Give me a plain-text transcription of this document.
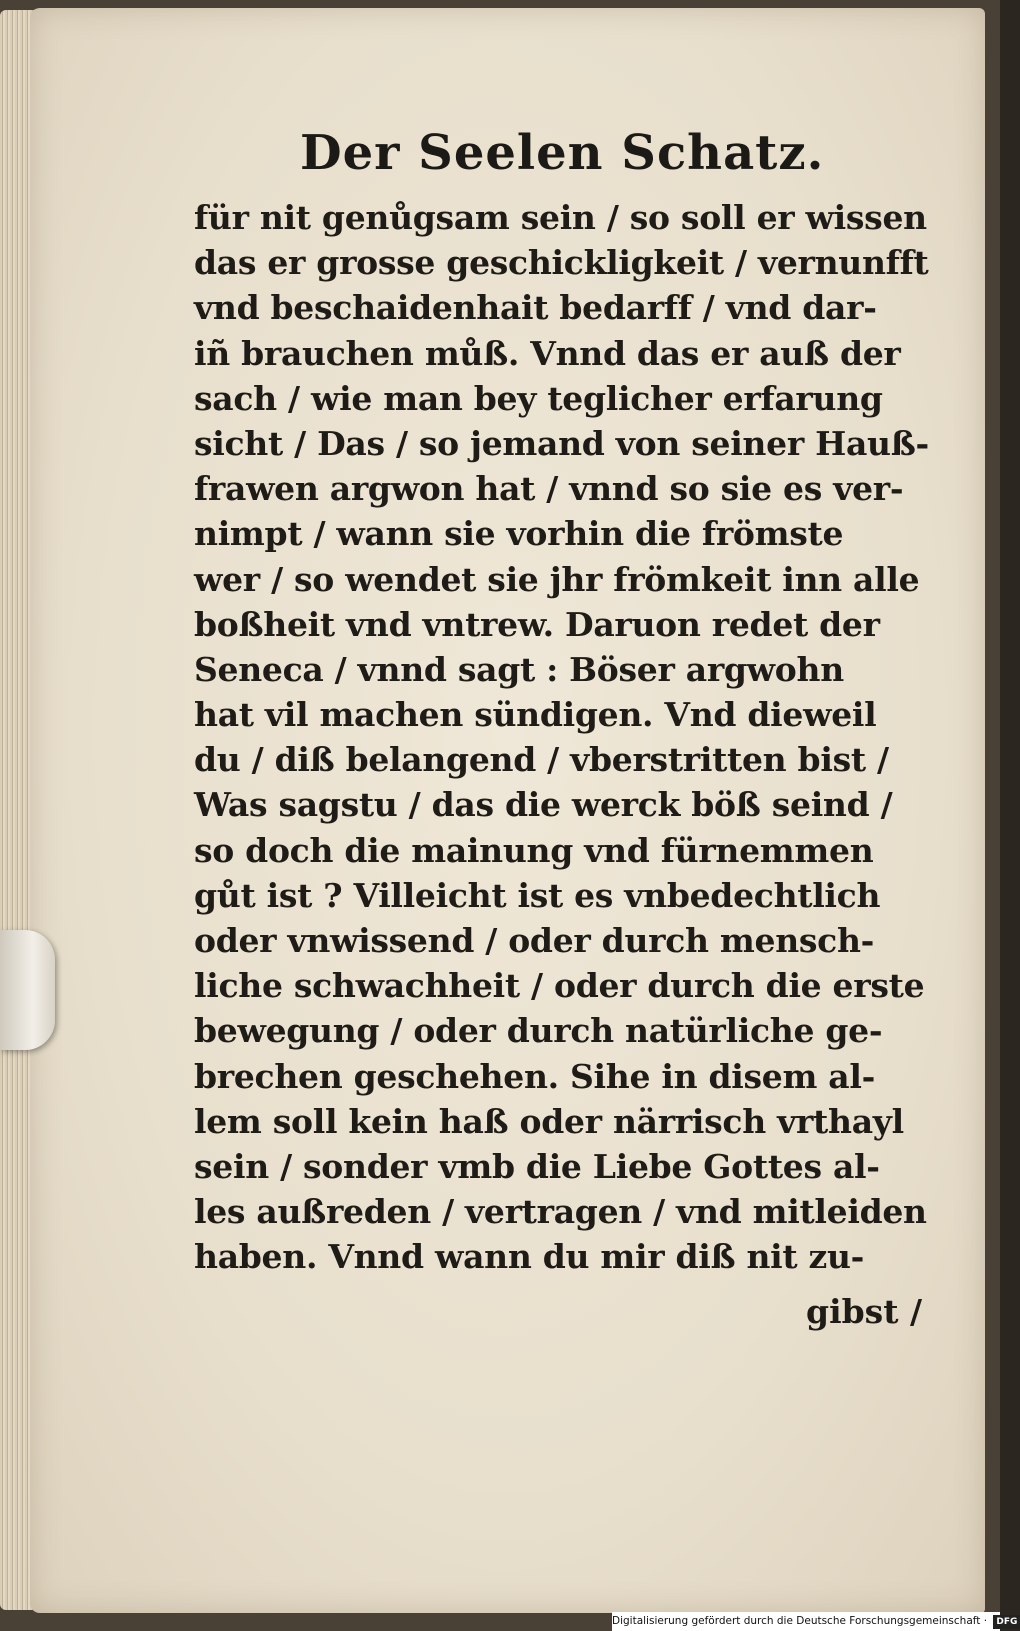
Der Seelen Schatz.
für nit genůgsam sein / so soll er wissen
das er grosse geschickligkeit / vernunfft
vnd beschaidenhait bedarff / vnd dar-
iñ brauchen můß. Vnnd das er auß der
sach / wie man bey teglicher erfarung
sicht / Das / so jemand von seiner Hauß-
frawen argwon hat / vnnd so sie es ver-
nimpt / wann sie vorhin die frömste
wer / so wendet sie jhr frömkeit inn alle
boßheit vnd vntrew. Daruon redet der
Seneca / vnnd sagt : Böser argwohn
hat vil machen sündigen. Vnd dieweil
du / diß belangend / vberstritten bist /
Was sagstu / das die werck böß seind /
so doch die mainung vnd fürnemmen
gůt ist ? Villeicht ist es vnbedechtlich
oder vnwissend / oder durch mensch-
liche schwachheit / oder durch die erste
bewegung / oder durch natürliche ge-
brechen geschehen. Sihe in disem al-
lem soll kein haß oder närrisch vrthayl
sein / sonder vmb die Liebe Gottes al-
les außreden / vertragen / vnd mitleiden
haben. Vnnd wann du mir diß nit zu-
gibst /
Digitalisierung gefördert durch die Deutsche Forschungsgemeinschaft · DFG
